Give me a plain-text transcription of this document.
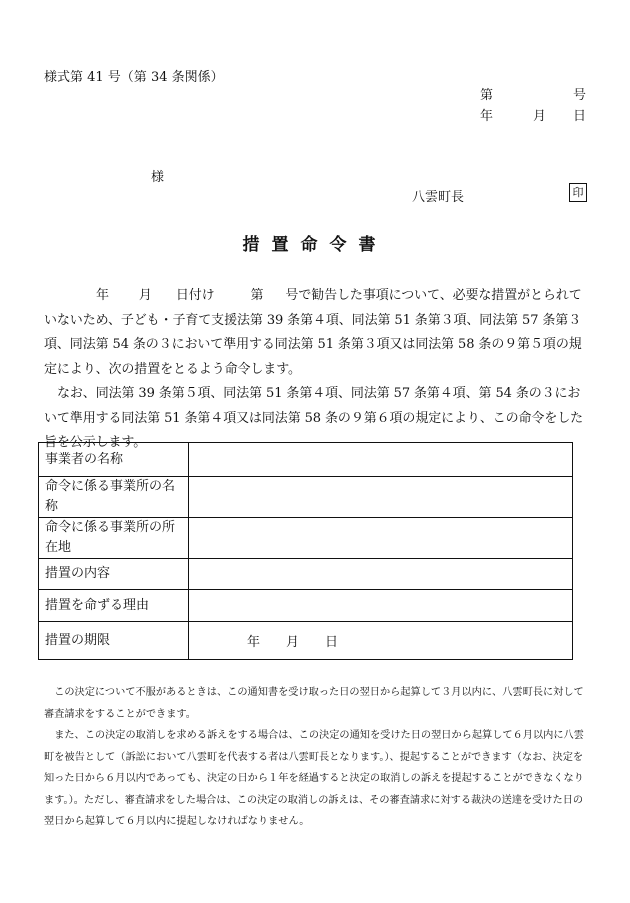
様式第 41 号（第 34 条関係）
第	号
年	月 日
様
八雲町長	印
措置命令書

年 月 日付け	第 号で勧告した事項について、必要な措置がとられていないため、子ども・子育て支援法第 39 条第４項、同法第 51 条第３項、同法第 57 条第３項、同法第 54 条の３において準用する同法第 51 条第３項又は同法第 58 条の９第５項の規定により、次の措置をとるよう命令します。

なお、同法第 39 条第５項、同法第 51 条第４項、同法第 57 条第４項、第 54 条の３において準用する同法第 51 条第４項又は同法第 58 条の９第６項の規定により、この命令をした旨を公示します。

事業者の名称	
命令に係る事業所の名称	
命令に係る事業所の所在地	
措置の内容	
措置を命ずる理由	
措置の期限	年 月 日

この決定について不服があるときは、この通知書を受け取った日の翌日から起算して３月以内に、八雲町長に対して審査請求をすることができます。

また、この決定の取消しを求める訴えをする場合は、この決定の通知を受けた日の翌日から起算して６月以内に八雲町を被告として（訴訟において八雲町を代表する者は八雲町長となります。）、提起することができます（なお、決定を知った日から６月以内であっても、決定の日から１年を経過すると決定の取消しの訴えを提起することができなくなります。）。ただし、審査請求をした場合は、この決定の取消しの訴えは、その審査請求に対する裁決の送達を受けた日の翌日から起算して６月以内に提起しなければなりません。
